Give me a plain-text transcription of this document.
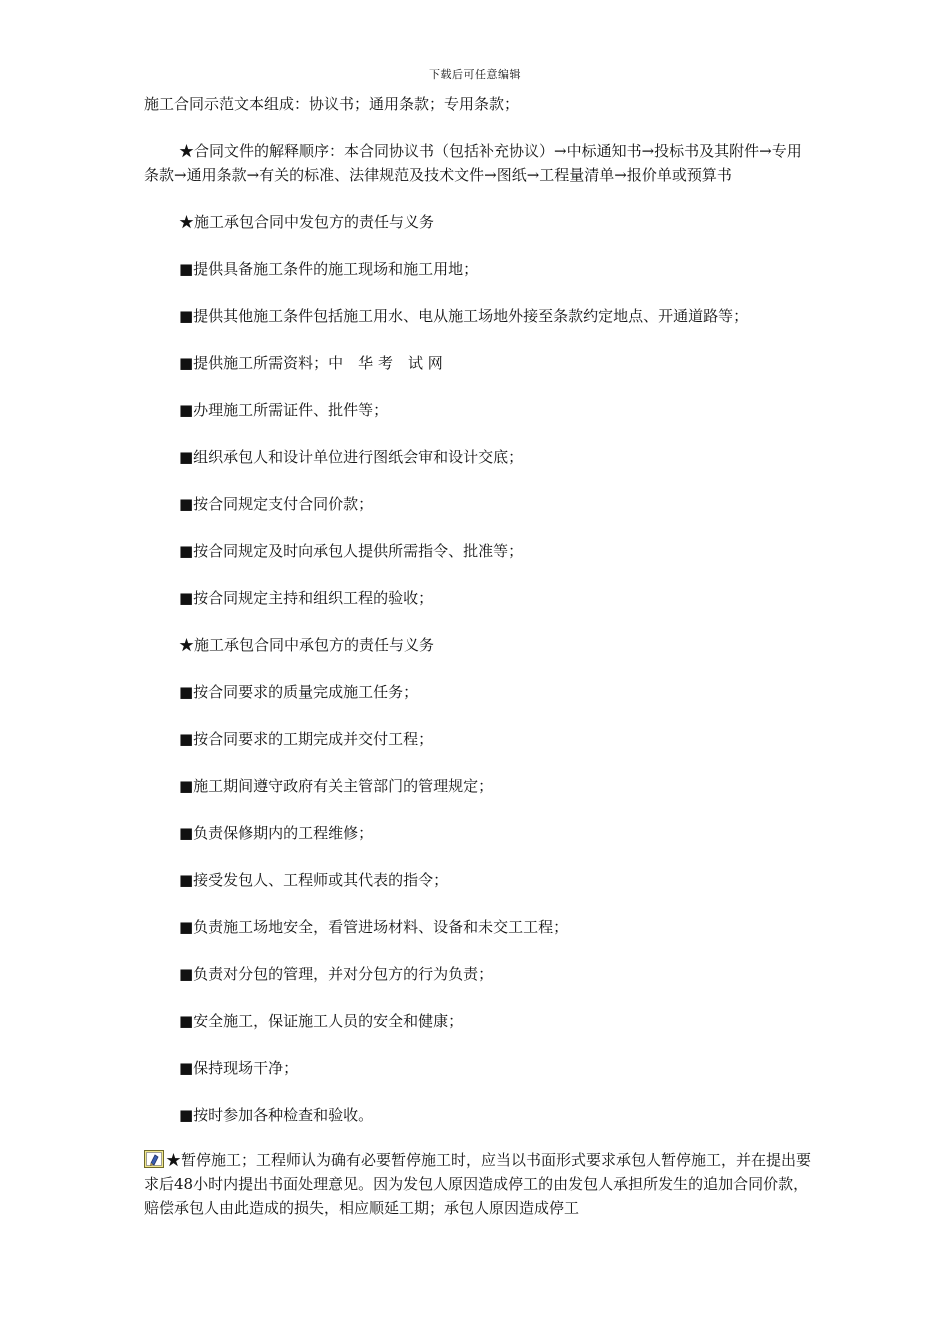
下载后可任意编辑

施工合同示范文本组成：协议书；通用条款；专用条款；

★合同文件的解释顺序：本合同协议书（包括补充协议）→中标通知书→投标书及其附件→专用条款→通用条款→有关的标准、法律规范及技术文件→图纸→工程量清单→报价单或预算书

★施工承包合同中发包方的责任与义务

■提供具备施工条件的施工现场和施工用地；

■提供其他施工条件包括施工用水、电从施工场地外接至条款约定地点、开通道路等；

■提供施工所需资料；中　华 考　试 网

■办理施工所需证件、批件等；

■组织承包人和设计单位进行图纸会审和设计交底；

■按合同规定支付合同价款；

■按合同规定及时向承包人提供所需指令、批准等；

■按合同规定主持和组织工程的验收；

★施工承包合同中承包方的责任与义务

■按合同要求的质量完成施工任务；

■按合同要求的工期完成并交付工程；

■施工期间遵守政府有关主管部门的管理规定；

■负责保修期内的工程维修；

■接受发包人、工程师或其代表的指令；

■负责施工场地安全，看管进场材料、设备和未交工工程；

■负责对分包的管理，并对分包方的行为负责；

■安全施工，保证施工人员的安全和健康；

■保持现场干净；

■按时参加各种检查和验收。

★暂停施工；工程师认为确有必要暂停施工时，应当以书面形式要求承包人暂停施工，并在提出要求后48小时内提出书面处理意见。因为发包人原因造成停工的由发包人承担所发生的追加合同价款，赔偿承包人由此造成的损失，相应顺延工期；承包人原因造成停工
